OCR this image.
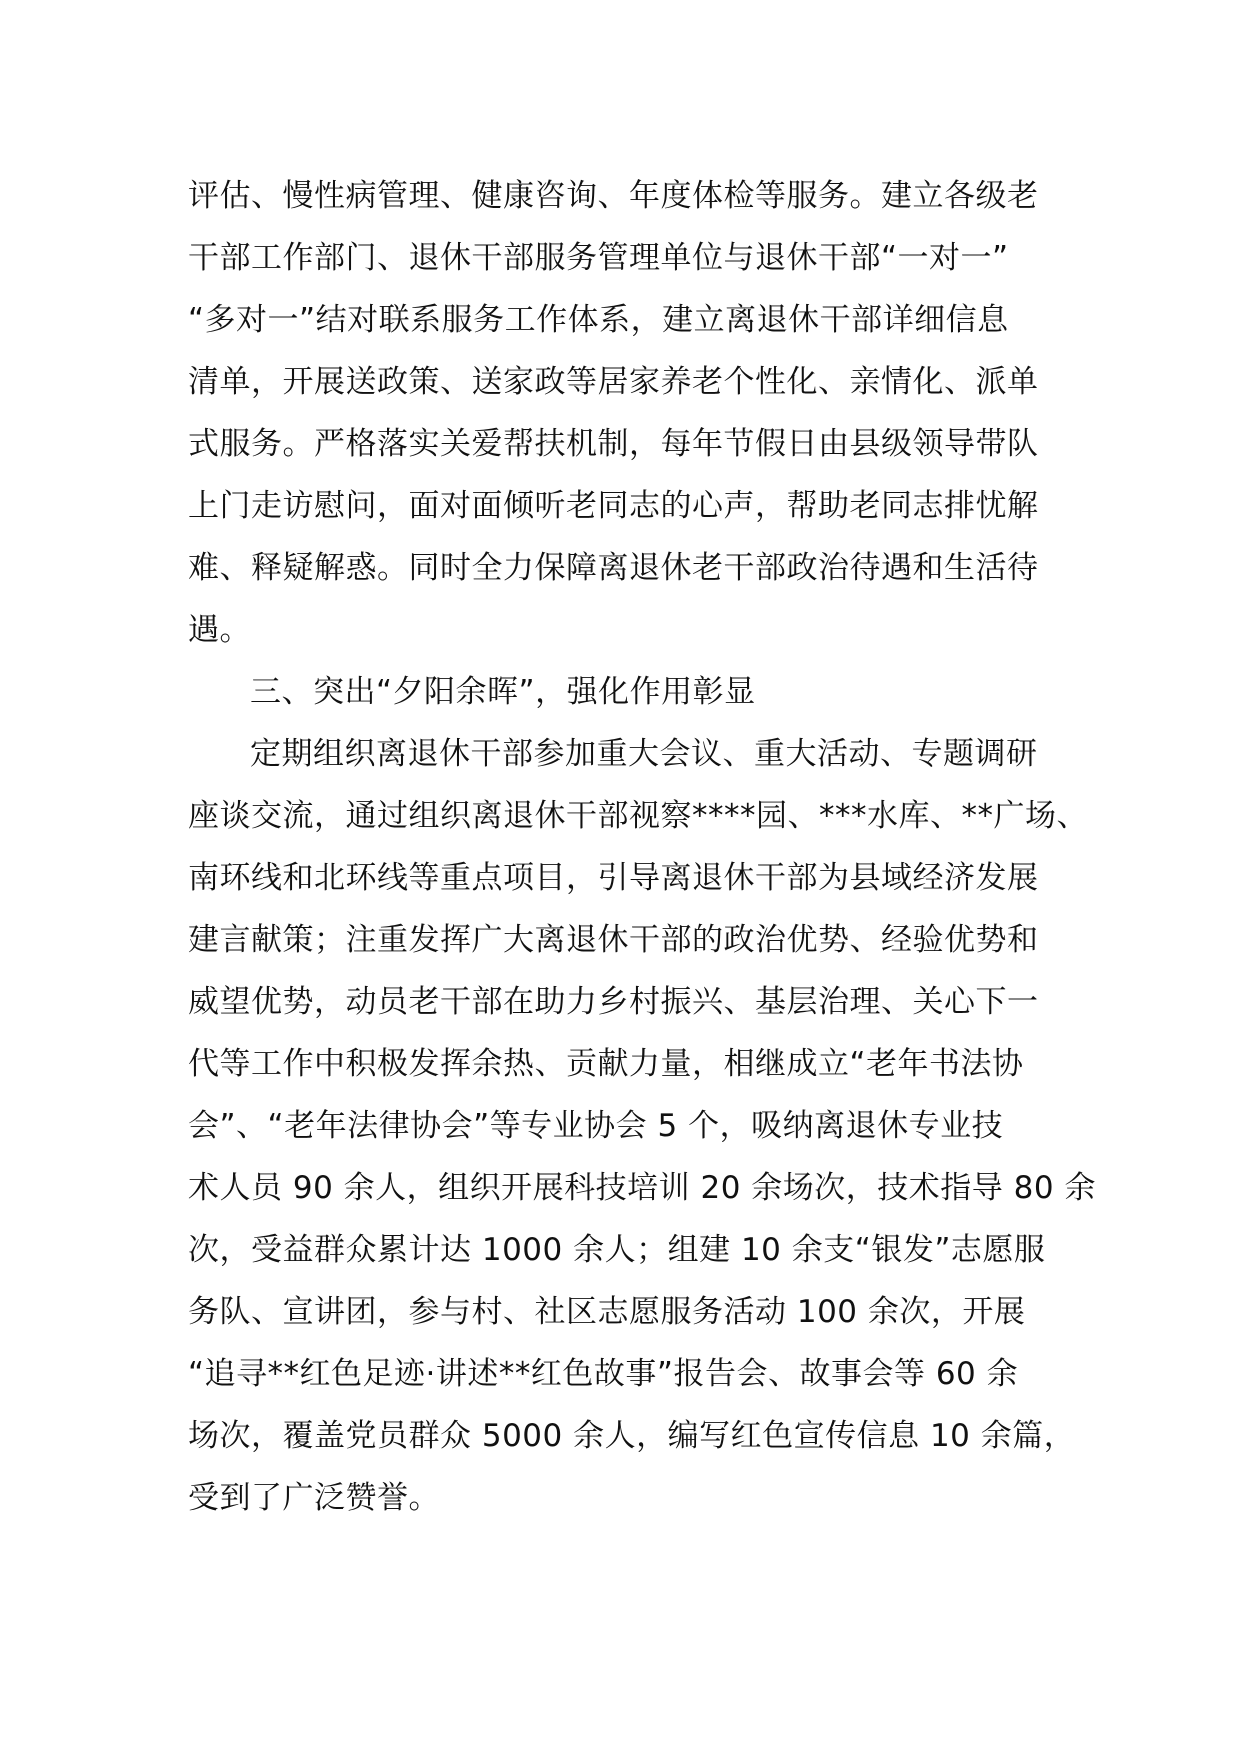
评估、慢性病管理、健康咨询、年度体检等服务。建立各级老
干部工作部门、退休干部服务管理单位与退休干部“一对一”
“多对一”结对联系服务工作体系，建立离退休干部详细信息
清单，开展送政策、送家政等居家养老个性化、亲情化、派单
式服务。严格落实关爱帮扶机制，每年节假日由县级领导带队
上门走访慰问，面对面倾听老同志的心声，帮助老同志排忧解
难、释疑解惑。同时全力保障离退休老干部政治待遇和生活待
遇。
三、突出“夕阳余晖”，强化作用彰显
定期组织离退休干部参加重大会议、重大活动、专题调研
座谈交流，通过组织离退休干部视察****园、***水库、**广场、
南环线和北环线等重点项目，引导离退休干部为县域经济发展
建言献策；注重发挥广大离退休干部的政治优势、经验优势和
威望优势，动员老干部在助力乡村振兴、基层治理、关心下一
代等工作中积极发挥余热、贡献力量，相继成立“老年书法协
会”、“老年法律协会”等专业协会 5 个，吸纳离退休专业技
术人员 90 余人，组织开展科技培训 20 余场次，技术指导 80 余
次，受益群众累计达 1000 余人；组建 10 余支“银发”志愿服
务队、宣讲团，参与村、社区志愿服务活动 100 余次，开展
“追寻**红色足迹·讲述**红色故事”报告会、故事会等 60 余
场次，覆盖党员群众 5000 余人，编写红色宣传信息 10 余篇，
受到了广泛赞誉。
